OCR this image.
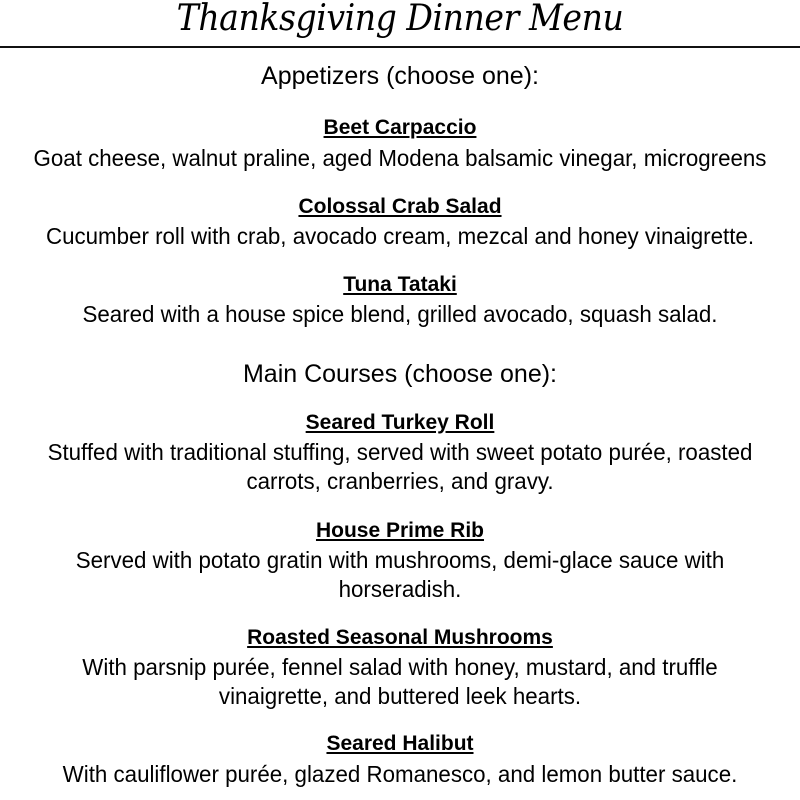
Thanksgiving Dinner Menu
Appetizers (choose one):
Beet Carpaccio
Goat cheese, walnut praline, aged Modena balsamic vinegar, microgreens
Colossal Crab Salad
Cucumber roll with crab, avocado cream, mezcal and honey vinaigrette.
Tuna Tataki
Seared with a house spice blend, grilled avocado, squash salad.
Main Courses (choose one):
Seared Turkey Roll
Stuffed with traditional stuffing, served with sweet potato purée, roasted
carrots, cranberries, and gravy.
House Prime Rib
Served with potato gratin with mushrooms, demi-glace sauce with
horseradish.
Roasted Seasonal Mushrooms
With parsnip purée, fennel salad with honey, mustard, and truffle
vinaigrette, and buttered leek hearts.
Seared Halibut
With cauliflower purée, glazed Romanesco, and lemon butter sauce.
